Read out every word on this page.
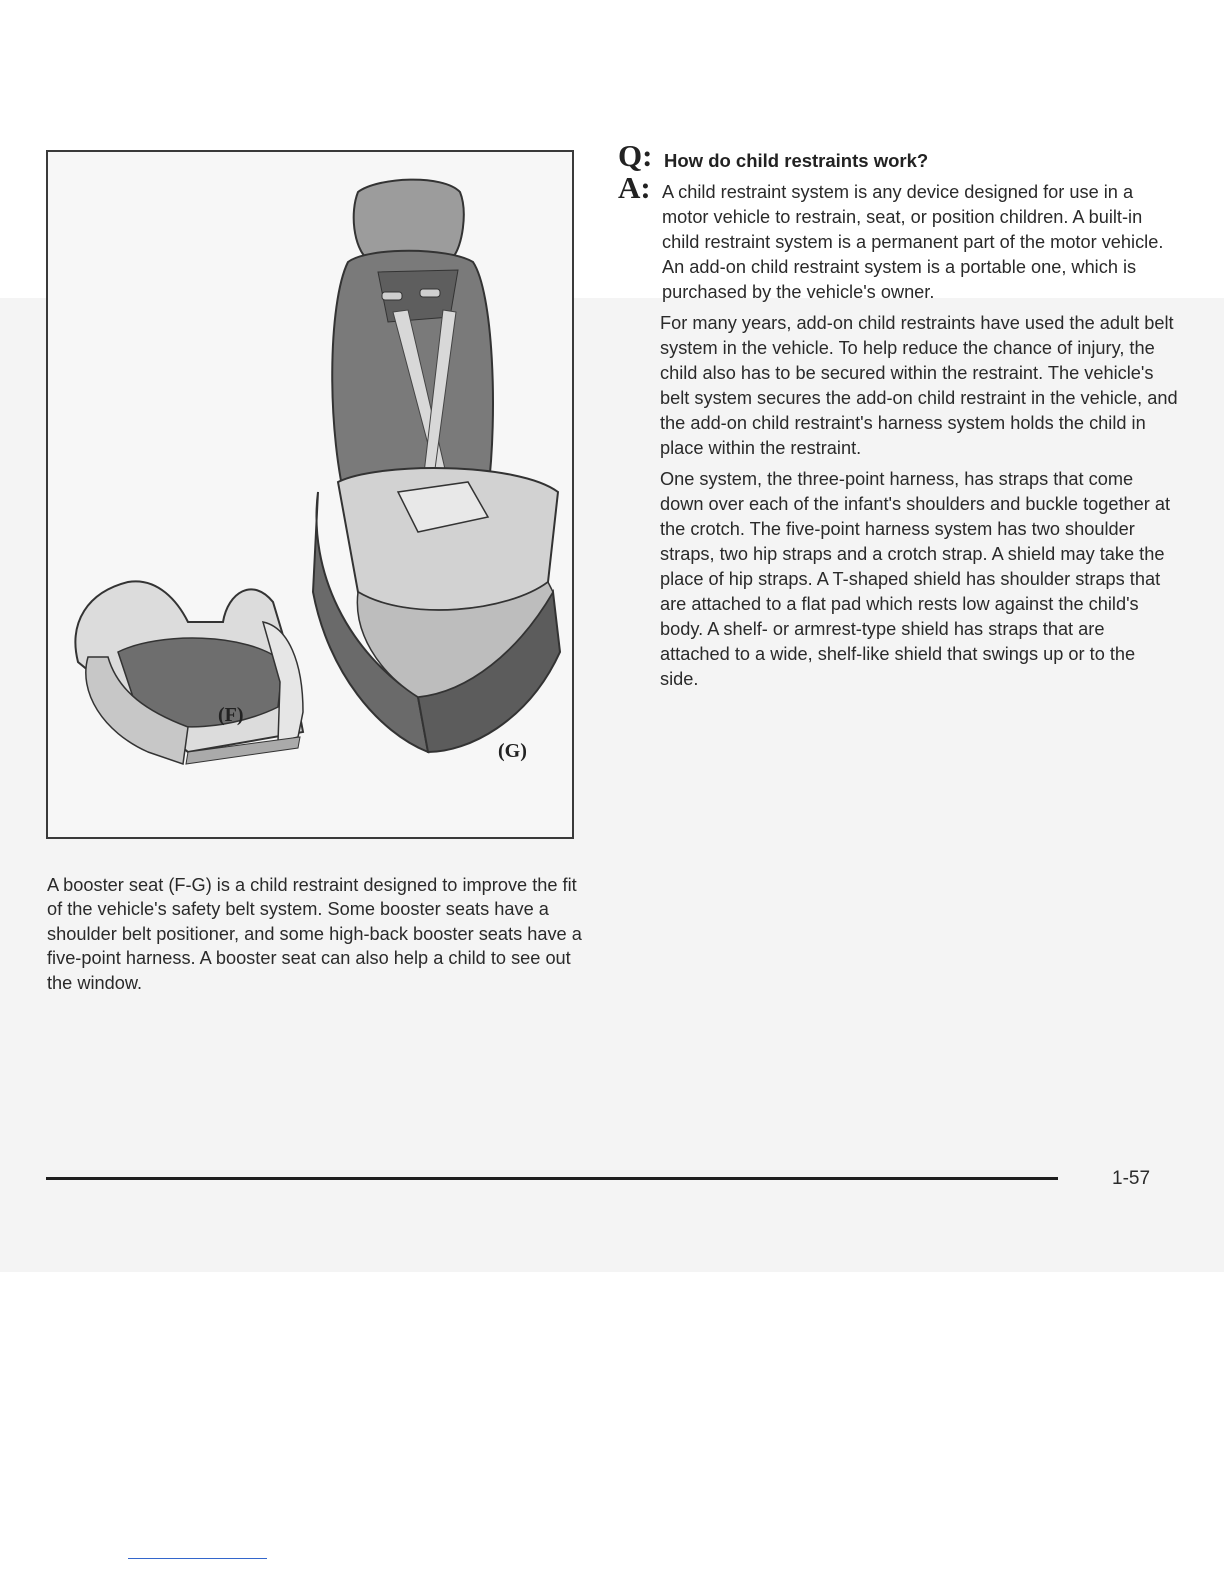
(F)
(G)

A booster seat (F-G) is a child restraint designed to improve the fit of the vehicle's safety belt system. Some booster seats have a shoulder belt positioner, and some high-back booster seats have a five-point harness. A booster seat can also help a child to see out the window.

Q: How do child restraints work?
A: A child restraint system is any device designed for use in a motor vehicle to restrain, seat, or position children. A built-in child restraint system is a permanent part of the motor vehicle. An add-on child restraint system is a portable one, which is purchased by the vehicle's owner.

For many years, add-on child restraints have used the adult belt system in the vehicle. To help reduce the chance of injury, the child also has to be secured within the restraint. The vehicle's belt system secures the add-on child restraint in the vehicle, and the add-on child restraint's harness system holds the child in place within the restraint.

One system, the three-point harness, has straps that come down over each of the infant's shoulders and buckle together at the crotch. The five-point harness system has two shoulder straps, two hip straps and a crotch strap. A shield may take the place of hip straps. A T-shaped shield has shoulder straps that are attached to a flat pad which rests low against the child's body. A shelf- or armrest-type shield has straps that are attached to a wide, shelf-like shield that swings up or to the side.

1-57
